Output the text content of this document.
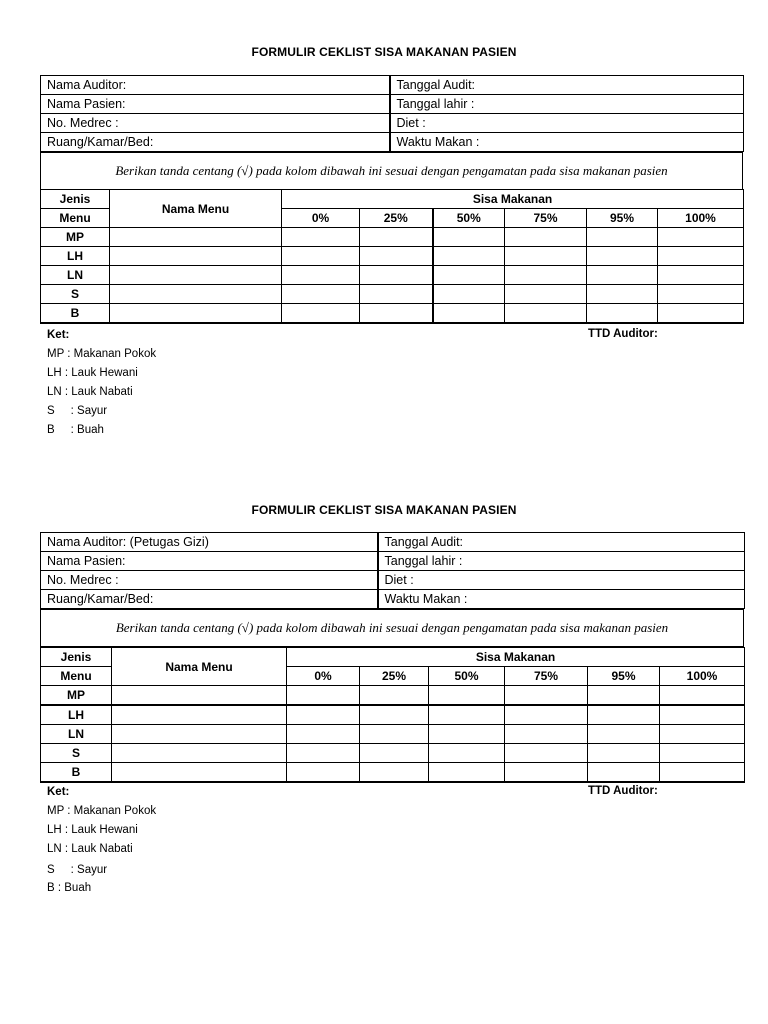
FORMULIR CEKLIST SISA MAKANAN PASIEN
Nama Auditor:	Tanggal Audit:
Nama Pasien:	Tanggal lahir :
No. Medrec :	Diet :
Ruang/Kamar/Bed:	Waktu Makan :
Berikan tanda centang (√) pada kolom dibawah ini sesuai dengan pengamatan pada sisa makanan pasien
Jenis	Nama Menu	Sisa Makanan					
Menu		0%	25%	50%	75%	95%	100%
MP							
LH							
LN							
S							
B							
Ket:
MP : Makanan Pokok
LH : Lauk Hewani
LN : Lauk Nabati
S     : Sayur
B     : Buah
TTD Auditor:
FORMULIR CEKLIST SISA MAKANAN PASIEN
Nama Auditor: (Petugas Gizi)	Tanggal Audit:
Nama Pasien:	Tanggal lahir :
No. Medrec :	Diet :
Ruang/Kamar/Bed:	Waktu Makan :
Berikan tanda centang (√) pada kolom dibawah ini sesuai dengan pengamatan pada sisa makanan pasien
Jenis	Nama Menu	Sisa Makanan					
Menu		0%	25%	50%	75%	95%	100%
MP							
LH							
LN							
S							
B							
Ket:
MP : Makanan Pokok
LH : Lauk Hewani
LN : Lauk Nabati
S     : Sayur
B : Buah
TTD Auditor:
